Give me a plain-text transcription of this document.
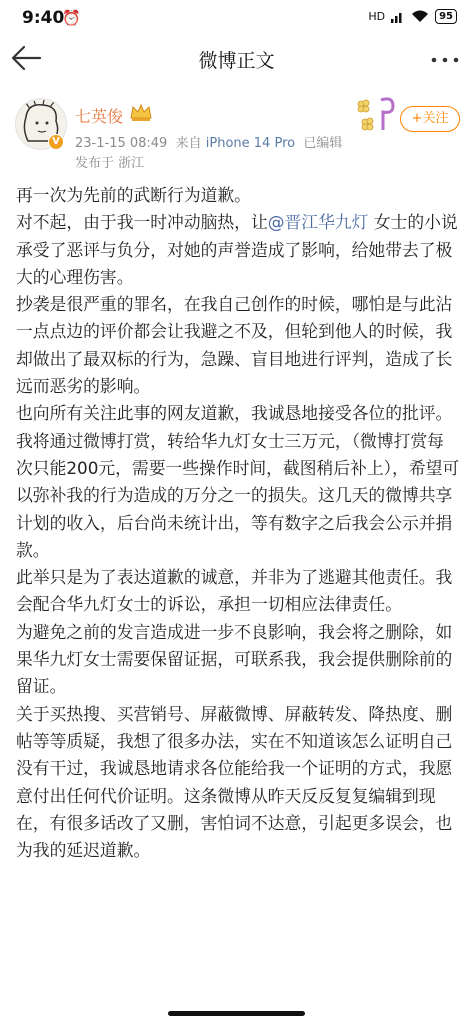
9:40
⏰	HD	95
微博正文
V
七英俊
23-1-15 08:49 来自 iPhone 14 Pro 已编辑
发布于 浙江
+关注

再一次为先前的武断行为道歉。

对不起，由于我一时冲动脑热，让@晋江华九灯 女士的小说承受了恶评与负分，对她的声誉造成了影响，给她带去了极大的心理伤害。

抄袭是很严重的罪名，在我自己创作的时候，哪怕是与此沾一点点边的评价都会让我避之不及，但轮到他人的时候，我却做出了最双标的行为，急躁、盲目地进行评判，造成了长远而恶劣的影响。

也向所有关注此事的网友道歉，我诚恳地接受各位的批评。

我将通过微博打赏，转给华九灯女士三万元，（微博打赏每次只能200元，需要一些操作时间，截图稍后补上），希望可以弥补我的行为造成的万分之一的损失。这几天的微博共享计划的收入，后台尚未统计出，等有数字之后我会公示并捐款。

此举只是为了表达道歉的诚意，并非为了逃避其他责任。我会配合华九灯女士的诉讼，承担一切相应法律责任。

为避免之前的发言造成进一步不良影响，我会将之删除，如果华九灯女士需要保留证据，可联系我，我会提供删除前的留证。

关于买热搜、买营销号、屏蔽微博、屏蔽转发、降热度、删帖等等质疑，我想了很多办法，实在不知道该怎么证明自己没有干过，我诚恳地请求各位能给我一个证明的方式，我愿意付出任何代价证明。这条微博从昨天反反复复编辑到现在，有很多话改了又删，害怕词不达意，引起更多误会，也为我的延迟道歉。
